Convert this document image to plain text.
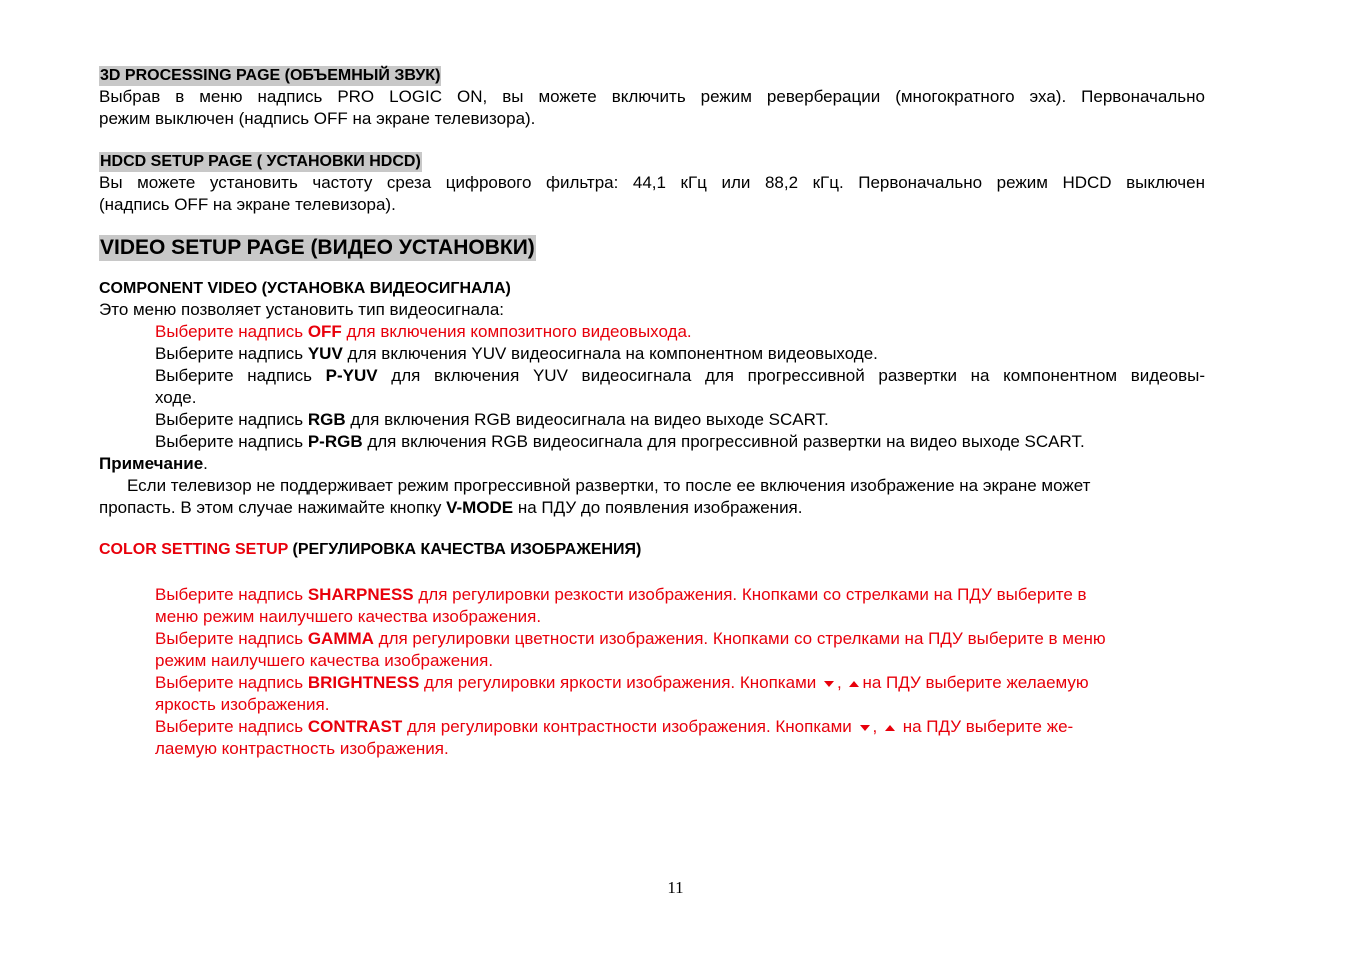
3D PROCESSING PAGE (ОБЪЕМНЫЙ ЗВУК)
Выбрав в меню надпись PRO LOGIC ON, вы можете включить режим реверберации (многократного эха). Первоначально
режим выключен (надпись OFF на экране телевизора).
HDCD SETUP PAGE ( УСТАНОВКИ HDCD)
Вы можете установить частоту среза цифрового фильтра: 44,1 кГц или 88,2 кГц. Первоначально режим HDCD выключен
(надпись OFF на экране телевизора).
VIDEO SETUP PAGE (ВИДЕО УСТАНОВКИ)
COMPONENT VIDEO (УСТАНОВКА ВИДЕОСИГНАЛА)
Это меню позволяет установить тип видеосигнала:
Выберите надпись OFF для включения композитного видеовыхода.
Выберите надпись YUV для включения YUV видеосигнала на компонентном видеовыходе.
Выберите надпись P-YUV для включения YUV видеосигнала для прогрессивной развертки на компонентном видеовы-
ходе.
Выберите надпись RGB для включения RGB видеосигнала на видео выходе SCART.
Выберите надпись P-RGB для включения RGB видеосигнала для прогрессивной развертки на видео выходе SCART.
Примечание.
Если телевизор не поддерживает режим прогрессивной развертки, то после ее включения изображение на экране может
пропасть. В этом случае нажимайте кнопку V-MODE на ПДУ до появления изображения.
COLOR SETTING SETUP (РЕГУЛИРОВКА КАЧЕСТВА ИЗОБРАЖЕНИЯ)
Выберите надпись SHARPNESS для регулировки резкости изображения. Кнопками со стрелками на ПДУ выберите в
меню режим наилучшего качества изображения.
Выберите надпись GAMMA для регулировки цветности изображения. Кнопками со стрелками на ПДУ выберите в меню
режим наилучшего качества изображения.
Выберите надпись BRIGHTNESS для регулировки яркости изображения. Кнопками , на ПДУ выберите желаемую
яркость изображения.
Выберите надпись CONTRAST для регулировки контрастности изображения. Кнопками ,  на ПДУ выберите же-
лаемую контрастность изображения.
11
